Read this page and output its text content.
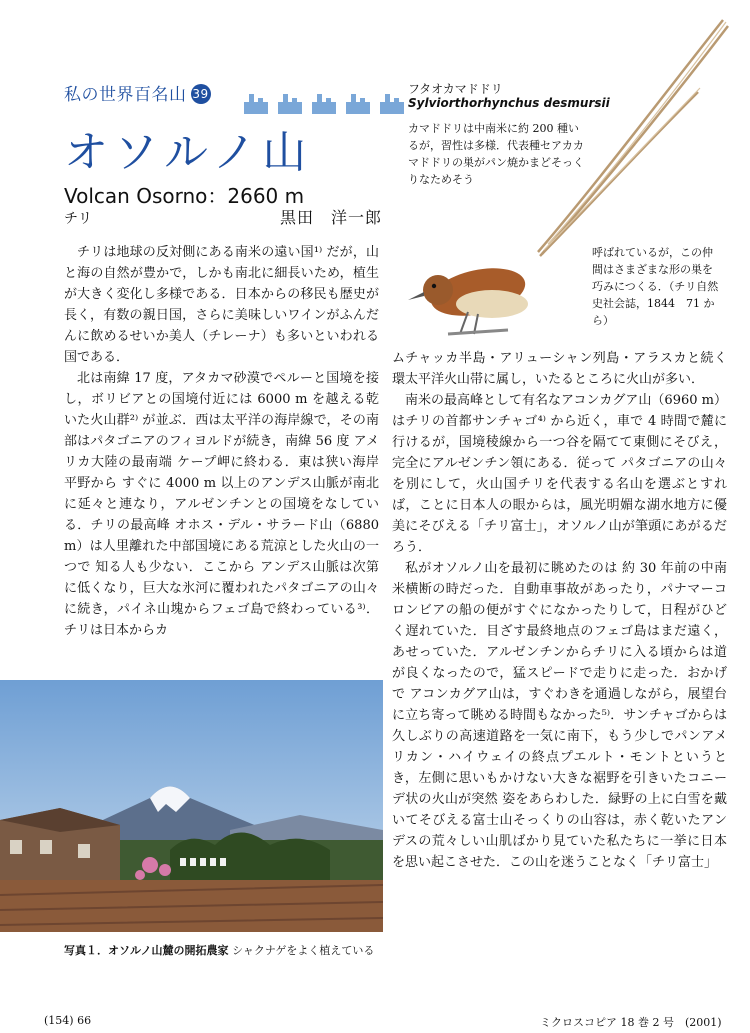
私の世界百名山 39
オソルノ山
Volcan Osorno：2660 m
チリ	黒田　洋一郎
フタオカマドドリ
Sylviorthorhynchus desmursii
カマドドリは中南米に約 200 種いるが，習性は多様．代表種セアカカマドドリの巣がパン焼かまどそっくりなためそう
呼ばれているが，この仲間はさまざまな形の巣を巧みにつくる．（チリ自然史社会誌，1844　71 から）

チリは地球の反対側にある南米の遠い国¹⁾ だが，山と海の自然が豊かで，しかも南北に細長いため，植生が大きく変化し多様である．日本からの移民も歴史が長く，有数の親日国，さらに美味しいワインがふんだんに飲めるせいか美人（チレーナ）も多いといわれる国である．

北は南緯 17 度，アタカマ砂漠でペルーと国境を接し，ボリビアとの国境付近には 6000 m を越える乾いた火山群²⁾ が並ぶ．西は太平洋の海岸線で，その南部はパタゴニアのフィヨルドが続き，南緯 56 度 アメリカ大陸の最南端 ケープ岬に終わる．東は狭い海岸平野から すぐに 4000 m 以上のアンデス山脈が南北に延々と連なり，アルゼンチンとの国境をなしている．チリの最高峰 オホス・デル・サラード山（6880 m）は人里離れた中部国境にある荒涼とした火山の一つで 知る人も少ない．ここから アンデス山脈は次第に低くなり，巨大な氷河に覆われたパタゴニアの山々に続き，パイネ山塊からフェゴ島で終わっている³⁾．チリは日本からカ

ムチャッカ半島・アリューシャン列島・アラスカと続く環太平洋火山帯に属し，いたるところに火山が多い．

南米の最高峰として有名なアコンカグア山（6960 m）はチリの首都サンチャゴ⁴⁾ から近く，車で 4 時間で麓に行けるが，国境稜線から一つ谷を隔てて東側にそびえ，完全にアルゼンチン領にある．従って パタゴニアの山々を別にして，火山国チリを代表する名山を選ぶとすれば，ことに日本人の眼からは，風光明媚な湖水地方に優美にそびえる「チリ富士」，オソルノ山が筆頭にあがるだろう．

私がオソルノ山を最初に眺めたのは 約 30 年前の中南米横断の時だった．自動車事故があったり，パナマーコロンビアの船の便がすぐになかったりして，日程がひどく遅れていた．目ざす最終地点のフェゴ島はまだ遠く，あせっていた．アルゼンチンからチリに入る頃からは道が良くなったので，猛スピードで走りに走った．おかげで アコンカグア山は，すぐわきを通過しながら，展望台に立ち寄って眺める時間もなかった⁵⁾．サンチャゴからは久しぶりの高速道路を一気に南下，もう少しでパンアメリカン・ハイウェイの終点プエルト・モントというとき，左側に思いもかけない大きな裾野を引きいたコニーデ状の火山が突然 姿をあらわした．緑野の上に白雪を戴いてそびえる富士山そっくりの山容は，赤く乾いたアンデスの荒々しい山肌ばかり見ていた私たちに一挙に日本を思い起こさせた．この山を迷うことなく「チリ富士」

写真１．オソルノ山麓の開拓農家 シャクナゲをよく植えている
(154) 66	ミクロスコピア 18 巻 2 号　(2001)
